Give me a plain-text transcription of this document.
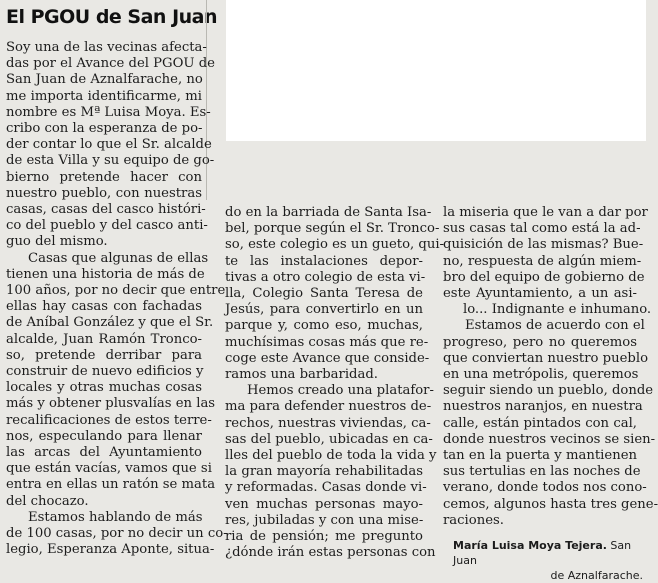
El PGOU de San Juan
Soy una de las vecinas afecta-
das por el Avance del PGOU de
San Juan de Aznalfarache, no
me importa identificarme, mi
nombre es Mª Luisa Moya. Es-
cribo con la esperanza de po-
der contar lo que el Sr. alcalde
de esta Villa y su equipo de go-
bierno pretende hacer con
nuestro pueblo, con nuestras
casas, casas del casco históri-
co del pueblo y del casco anti-
guo del mismo.
Casas que algunas de ellas
tienen una historia de más de
100 años, por no decir que entre
ellas hay casas con fachadas
de Aníbal González y que el Sr.
alcalde, Juan Ramón Tronco-
so, pretende derribar para
construir de nuevo edificios y
locales y otras muchas cosas
más y obtener plusvalías en las
recalificaciones de estos terre-
nos, especulando para llenar
las arcas del Ayuntamiento
que están vacías, vamos que si
entra en ellas un ratón se mata
del chocazo.
Estamos hablando de más
de 100 casas, por no decir un co-
legio, Esperanza Aponte, situa-
do en la barriada de Santa Isa-
bel, porque según el Sr. Tronco-
so, este colegio es un gueto, qui-
te las instalaciones depor-
tivas a otro colegio de esta vi-
lla, Colegio Santa Teresa de
Jesús, para convertirlo en un
parque y, como eso, muchas,
muchísimas cosas más que re-
coge este Avance que conside-
ramos una barbaridad.
Hemos creado una platafor-
ma para defender nuestros de-
rechos, nuestras viviendas, ca-
sas del pueblo, ubicadas en ca-
lles del pueblo de toda la vida y
la gran mayoría rehabilitadas
y reformadas. Casas donde vi-
ven muchas personas mayo-
res, jubiladas y con una mise-
ria de pensión; me pregunto
¿dónde irán estas personas con
la miseria que le van a dar por
sus casas tal como está la ad-
quisición de las mismas? Bue-
no, respuesta de algún miem-
bro del equipo de gobierno de
este Ayuntamiento, a un asi-
lo... Indignante e inhumano.
Estamos de acuerdo con el
progreso, pero no queremos
que conviertan nuestro pueblo
en una metrópolis, queremos
seguir siendo un pueblo, donde
nuestros naranjos, en nuestra
calle, están pintados con cal,
donde nuestros vecinos se sien-
tan en la puerta y mantienen
sus tertulias en las noches de
verano, donde todos nos cono-
cemos, algunos hasta tres gene-
raciones.
María Luisa Moya Tejera. San Juan
de Aznalfarache.
